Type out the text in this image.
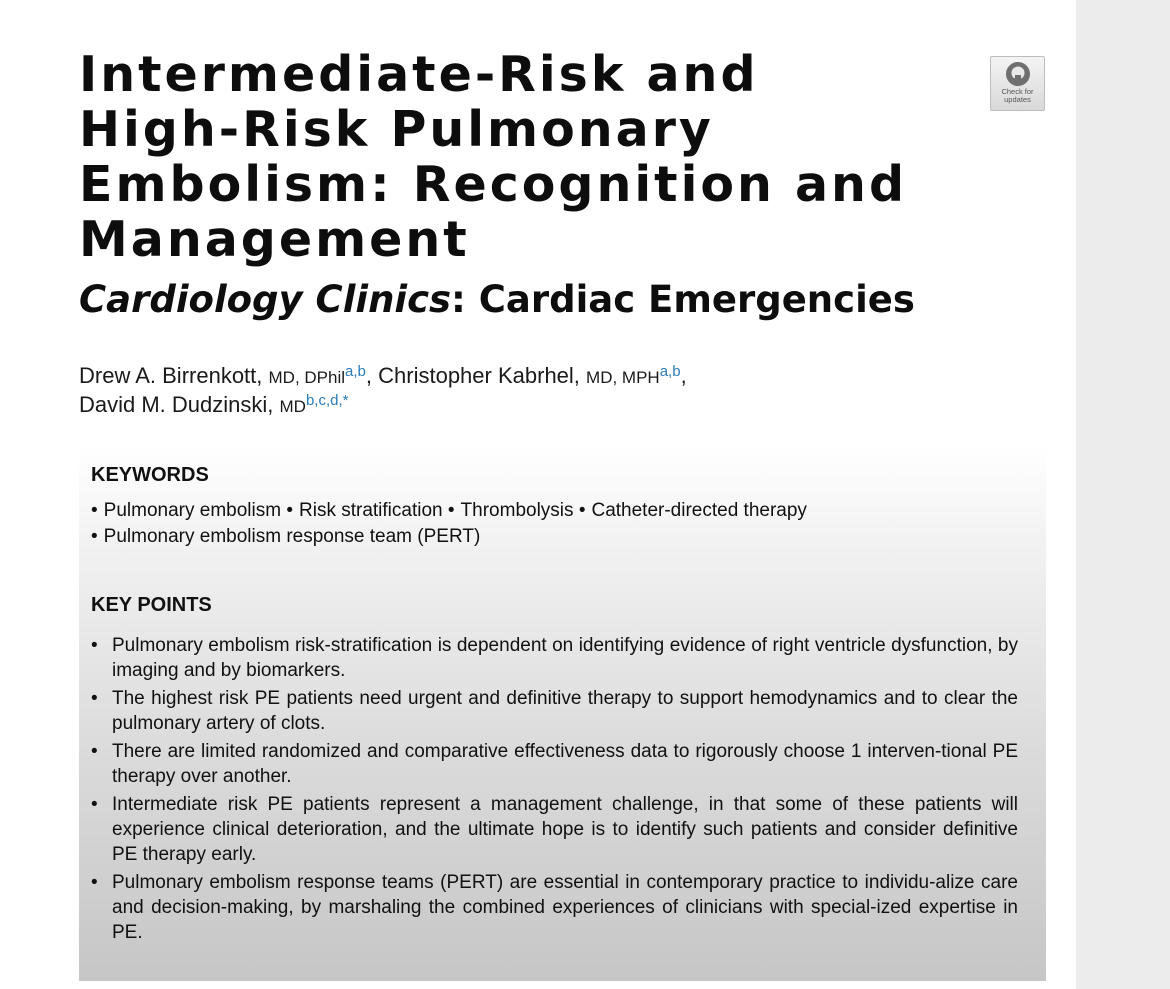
Intermediate-Risk and
High-Risk Pulmonary
Embolism: Recognition and
Management
Cardiology Clinics: Cardiac Emergencies
Check for updates
Drew A. Birrenkott, MD, DPhil$^{a,b}$, Christopher Kabrhel, MD, MPH$^{a,b}$,
David M. Dudzinski, $MD^{b,c,d,*}$
KEYWORDS
• Pulmonary embolism • Risk stratification • Thrombolysis • Catheter-directed therapy
• Pulmonary embolism response team (PERT)
KEY POINTS
• Pulmonary embolism risk-stratification is dependent on identifying evidence of right ventricle dysfunction, by imaging and by biomarkers.
• The highest risk PE patients need urgent and definitive therapy to support hemodynamics and to clear the pulmonary artery of clots.
• There are limited randomized and comparative effectiveness data to rigorously choose 1 interven-tional PE therapy over another.
• Intermediate risk PE patients represent a management challenge, in that some of these patients will experience clinical deterioration, and the ultimate hope is to identify such patients and consider definitive PE therapy early.
• Pulmonary embolism response teams (PERT) are essential in contemporary practice to individu-alize care and decision-making, by marshaling the combined experiences of clinicians with special-ized expertise in PE.
